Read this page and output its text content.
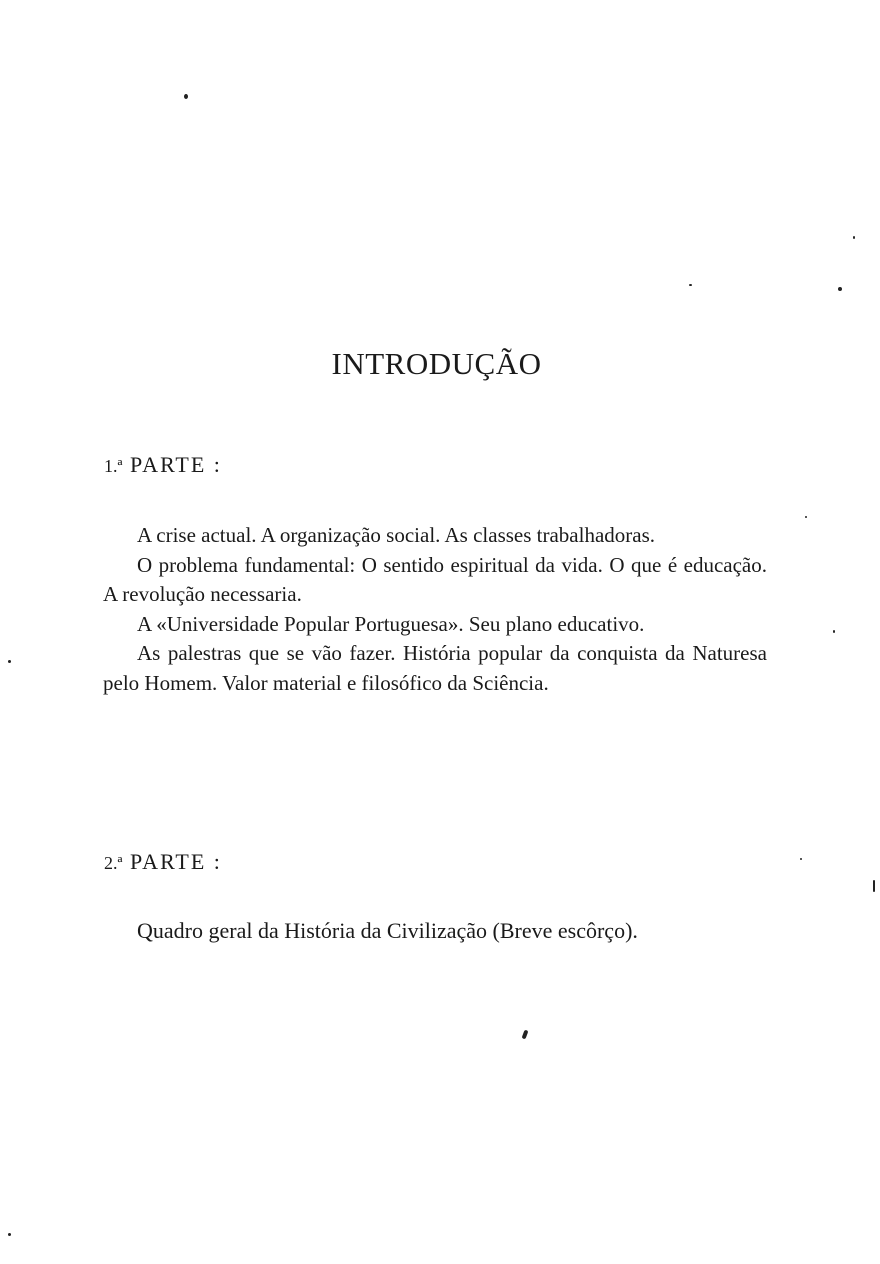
INTRODUÇÃO
1.ª PARTE :

A crise actual. A organização social. As classes trabalhadoras.

O problema fundamental: O sentido espiritual da vida. O que é educação. A revolução necessaria.

A «Universidade Popular Portuguesa». Seu plano educativo.

As palestras que se vão fazer. História popular da conquista da Naturesa pelo Homem. Valor material e filosófico da Sciência.

2.ª PARTE :

Quadro geral da História da Civilização (Breve escôrço).
